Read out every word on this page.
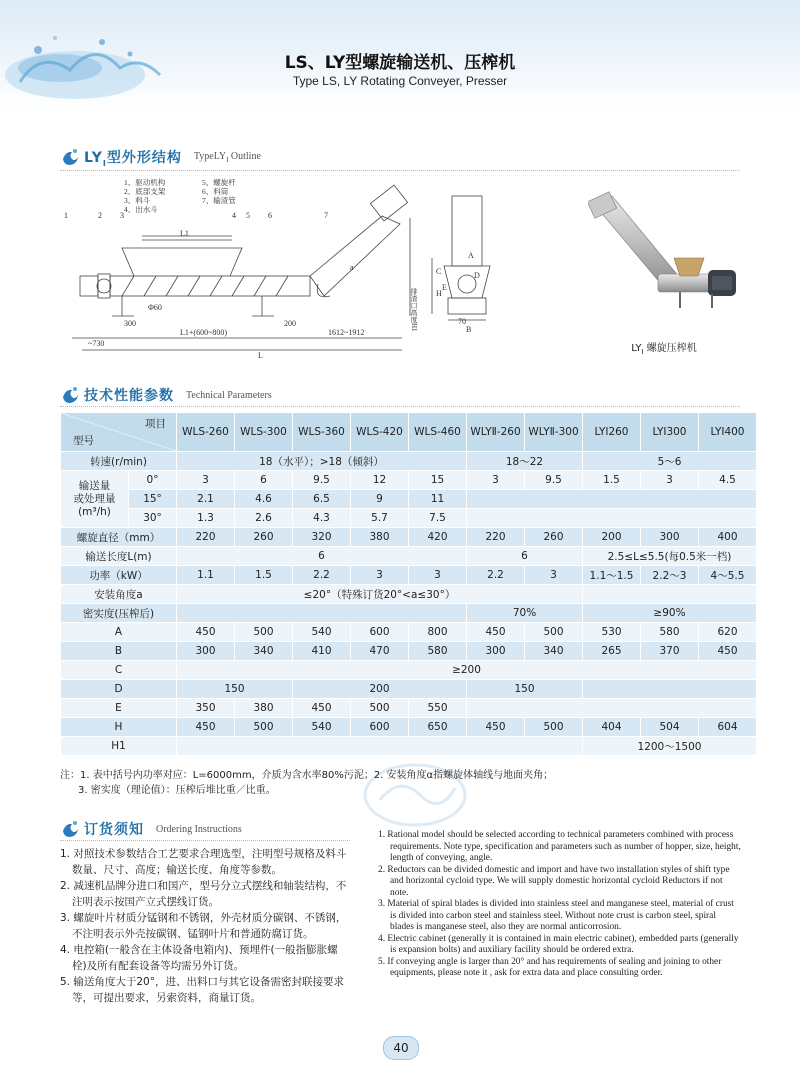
LS、LY型螺旋输送机、压榨机
Type LS, LY Rotating Conveyer, Presser
$LY_I$型外形结构 TypeLY$_I$ Outline
1、驱动机构
2、底部支架
3、料斗
4、出水斗
5、螺旋杆
6、料筒
7、输渣管
1	2 3	4 5 6	7
L1
Φ60
300	200
~730
L1+(600~800)	1612~1912
L
排渣口高度H1
A
B
C
H
E
70
D
a
$LY_I$ 螺旋压榨机
技术性能参数 Technical Parameters
项目
型号		WLS-260	WLS-300	WLS-360	WLS-420	WLS-460	WLYⅡ-260	WLYⅡ-300	LYⅠ260	LYⅠ300	LYⅠ400
转速(r/min)		18（水平）；>18（倾斜）					18～22		5～6		

输送量
或处理量
(m³/h)	0°	3	6	9.5	12	15	3	9.5	1.5	3	4.5
	15°	2.1	4.6	6.5	9	11					
	30°	1.3	2.6	4.3	5.7	7.5					
螺旋直径（mm）		220	260	320	380	420	220	260	200	300	400
输送长度L(m)		6					6		2.5≤L≤5.5(每0.5米一档)		
功率（kW）		1.1	1.5	2.2	3	3	2.2	3	1.1～1.5	2.2～3	4～5.5
安装角度a		≤20°（特殊订货20°<a≤30°）									
密实度(压榨后)							70%		≥90%		
A		450	500	540	600	800	450	500	530	580	620
B		300	340	410	470	580	300	340	265	370	450
C		≥200									
D		150		200			150				
E		350	380	450	500	550					
H		450	500	540	600	650	450	500	404	504	604
H1									1200～1500		
注：1. 表中括号内功率对应：L=6000mm，介质为含水率80%污泥；2. 安装角度α指螺旋体轴线与地面夹角；
3. 密实度（理论值）：压榨后堆比重／比重。
订货须知 Ordering Instructions
1. 对照技术参数结合工艺要求合理选型，注明型号规格及料斗数量、尺寸、高度；输送长度、角度等参数。
2. 减速机品牌分进口和国产，型号分立式摆线和轴装结构，不注明表示按国产立式摆线订货。
3. 螺旋叶片材质分锰钢和不锈钢，外壳材质分碳钢、不锈钢，不注明表示外壳按碳钢、锰钢叶片和普通防腐订货。
4. 电控箱(一般含在主体设备电箱内)、预埋件(一般指膨胀螺栓)及所有配套设备等均需另外订货。
5. 输送角度大于20°，进、出料口与其它设备需密封联接要求等，可提出要求，另索资料，商量订货。
1. Rational model should be selected according to technical parameters combined with process requirements. Note type, specification and parameters such as number of hopper, size, height, length of conveying, angle.
2. Reductors can be divided domestic and import and have two installation styles of shift type and horizontal cycloid type. We will supply domestic horizontal cycloid Reductors if not note.
3. Material of spiral blades is divided into stainless steel and manganese steel, material of crust is divided into carbon steel and stainless steel. Without note crust is carbon steel, spiral blades is manganese steel, also they are normal anticorrosion.
4. Electric cabinet (generally it is contained in main electric cabinet), embedded parts (generally is expansion bolts) and auxiliary facility should be ordered extra.
5. If conveying angle is larger than 20° and has requirements of sealing and joining to other equipments, please note it , ask for extra data and place consulting order.
40
